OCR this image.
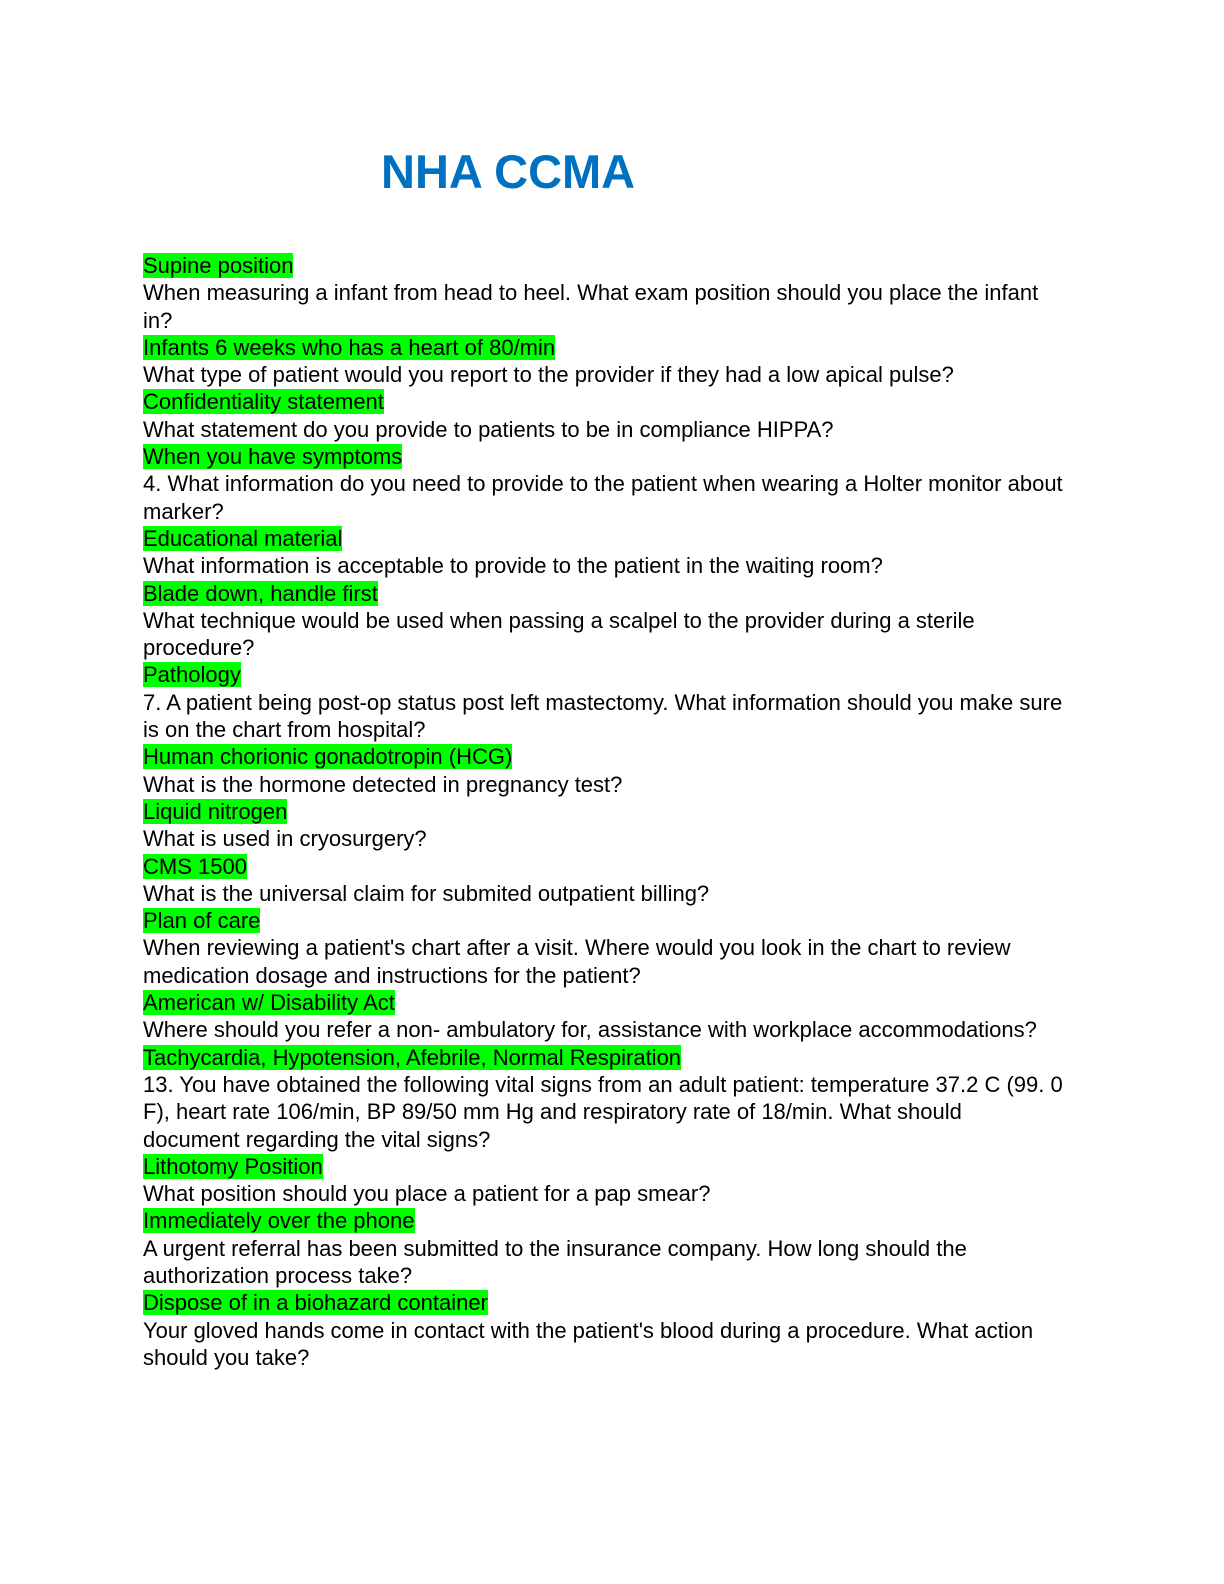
NHA CCMA
Supine position
When measuring a infant from head to heel. What exam position should you place the infant in?
Infants 6 weeks who has a heart of 80/min
What type of patient would you report to the provider if they had a low apical pulse?
Confidentiality statement
What statement do you provide to patients to be in compliance HIPPA?
When you have symptoms
4. What information do you need to provide to the patient when wearing a Holter monitor about marker?
Educational material
What information is acceptable to provide to the patient in the waiting room?
Blade down, handle first
What technique would be used when passing a scalpel to the provider during a sterile procedure?
Pathology
7. A patient being post-op status post left mastectomy. What information should you make sure is on the chart from hospital?
Human chorionic gonadotropin (HCG)
What is the hormone detected in pregnancy test?
Liquid nitrogen
What is used in cryosurgery?
CMS 1500
What is the universal claim for submited outpatient billing?
Plan of care
When reviewing a patient's chart after a visit. Where would you look in the chart to review medication dosage and instructions for the patient?
American w/ Disability Act
Where should you refer a non- ambulatory for, assistance with workplace accommodations?
Tachycardia, Hypotension, Afebrile, Normal Respiration
13. You have obtained the following vital signs from an adult patient: temperature 37.2 C (99. 0 F), heart rate 106/min, BP 89/50 mm Hg and respiratory rate of 18/min. What should document regarding the vital signs?
Lithotomy Position
What position should you place a patient for a pap smear?
Immediately over the phone
A urgent referral has been submitted to the insurance company. How long should the authorization process take?
Dispose of in a biohazard container
Your gloved hands come in contact with the patient's blood during a procedure. What action should you take?
